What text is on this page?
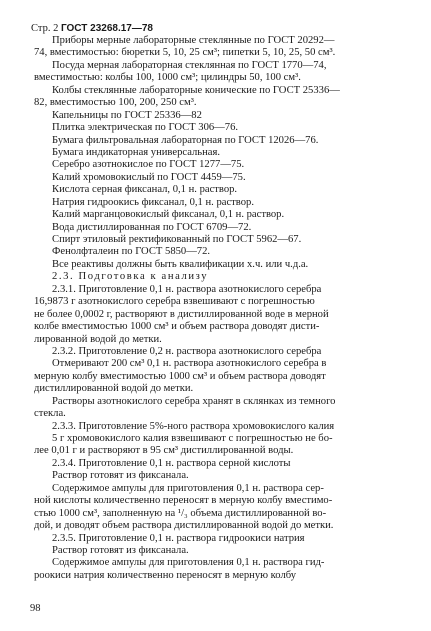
Стр. 2 ГОСТ 23268.17—78
Приборы мерные лабораторные стеклянные по ГОСТ 20292—
74, вместимостью: бюретки 5, 10, 25 см³; пипетки 5, 10, 25, 50 см³.
Посуда мерная лабораторная стеклянная по ГОСТ 1770—74,
вместимостью: колбы 100, 1000 см³; цилиндры 50, 100 см³.
Колбы стеклянные лабораторные конические по ГОСТ 25336—
82, вместимостью 100, 200, 250 см³.
Капельницы по ГОСТ 25336—82
Плитка электрическая по ГОСТ 306—76.
Бумага фильтровальная лабораторная по ГОСТ 12026—76.
Бумага индикаторная универсальная.
Серебро азотнокислое по ГОСТ 1277—75.
Калий хромовокислый по ГОСТ 4459—75.
Кислота серная фиксанал, 0,1 н. раствор.
Натрия гидроокись фиксанал, 0,1 н. раствор.
Калий марганцовокислый фиксанал, 0,1 н. раствор.
Вода дистиллированная по ГОСТ 6709—72.
Спирт этиловый ректификованный по ГОСТ 5962—67.
Фенолфталеин по ГОСТ 5850—72.
Все реактивы должны быть квалификации х.ч. или ч.д.а.
2.3. Подготовка к анализу
2.3.1. Приготовление 0,1 н. раствора азотнокислого серебра
16,9873 г азотнокислого серебра взвешивают с погрешностью
не более 0,0002 г, растворяют в дистиллированной воде в мерной
колбе вместимостью 1000 см³ и объем раствора доводят дисти-
лированной водой до метки.
2.3.2. Приготовление 0,2 н. раствора азотнокислого серебра
Отмеривают 200 см³ 0,1 н. раствора азотнокислого серебра в
мерную колбу вместимостью 1000 см³ и объем раствора доводят
дистиллированной водой до метки.
Растворы азотнокислого серебра хранят в склянках из темного
стекла.
2.3.3. Приготовление 5%-ного раствора хромовокислого калия
5 г хромовокислого калия взвешивают с погрешностью не бо-
лее 0,01 г и растворяют в 95 см³ дистиллированной воды.
2.3.4. Приготовление 0,1 н. раствора серной кислоты
Раствор готовят из фиксанала.
Содержимое ампулы для приготовления 0,1 н. раствора сер-
ной кислоты количественно переносят в мерную колбу вместимо-
стью 1000 см³, заполненную на ¹/₃ объема дистиллированной во-
дой, и доводят объем раствора дистиллированной водой до метки.
2.3.5. Приготовление 0,1 н. раствора гидроокиси натрия
Раствор готовят из фиксанала.
Содержимое ампулы для приготовления 0,1 н. раствора гид-
роокиси натрия количественно переносят в мерную колбу
98
